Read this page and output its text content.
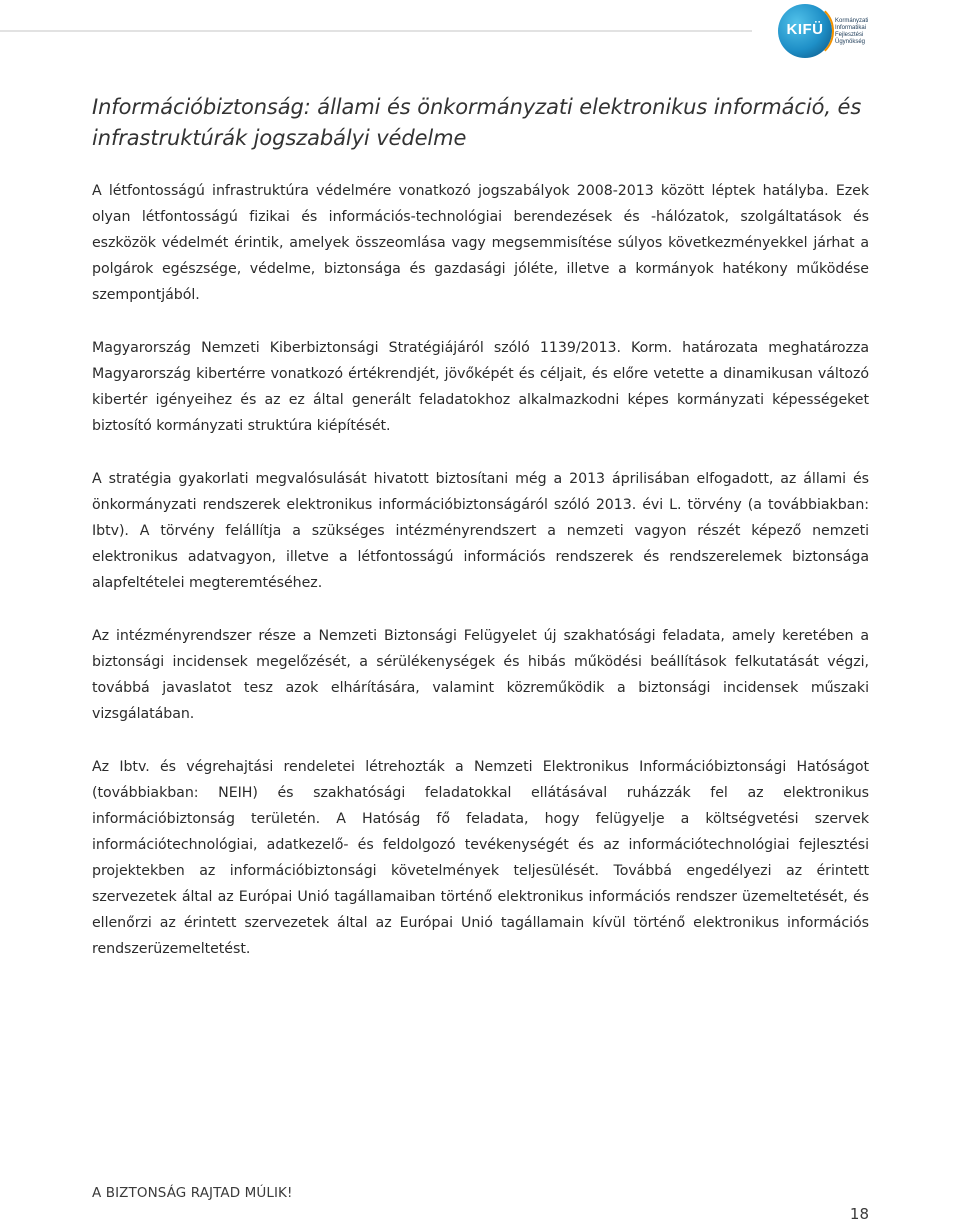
KIFÜ	Kormányzati
Informatikai
Fejlesztési
Ügynökség
Információbiztonság: állami és önkormányzati elektronikus információ, és infrastruktúrák jogszabályi védelme

A létfontosságú infrastruktúra védelmére vonatkozó jogszabályok 2008-2013 között léptek hatályba. Ezek olyan létfontosságú fizikai és információs-technológiai berendezések és -hálózatok, szolgáltatások és eszközök védelmét érintik, amelyek összeomlása vagy megsemmisítése súlyos következményekkel járhat a polgárok egészsége, védelme, biztonsága és gazdasági jóléte, illetve a kormányok hatékony működése szempontjából.

Magyarország Nemzeti Kiberbiztonsági Stratégiájáról szóló 1139/2013. Korm. határozata meghatározza Magyarország kibertérre vonatkozó értékrendjét, jövőképét és céljait, és előre vetette a dinamikusan változó kibertér igényeihez és az ez által generált feladatokhoz alkalmazkodni képes kormányzati képességeket biztosító kormányzati struktúra kiépítését.

A stratégia gyakorlati megvalósulását hivatott biztosítani még a 2013 áprilisában elfogadott, az állami és önkormányzati rendszerek elektronikus információbiztonságáról szóló 2013. évi L. törvény (a továbbiakban: Ibtv). A törvény felállítja a szükséges intézményrendszert a nemzeti vagyon részét képező nemzeti elektronikus adatvagyon, illetve a létfontosságú információs rendszerek és rendszerelemek biztonsága alapfeltételei megteremtéséhez.

Az intézményrendszer része a Nemzeti Biztonsági Felügyelet új szakhatósági feladata, amely keretében a biztonsági incidensek megelőzését, a sérülékenységek és hibás működési beállítások felkutatását végzi, továbbá javaslatot tesz azok elhárítására, valamint közreműködik a biztonsági incidensek műszaki vizsgálatában.

Az Ibtv. és végrehajtási rendeletei létrehozták a Nemzeti Elektronikus Információbiztonsági Hatóságot (továbbiakban: NEIH) és szakhatósági feladatokkal ellátásával ruházzák fel az elektronikus információbiztonság területén. A Hatóság fő feladata, hogy felügyelje a költségvetési szervek információtechnológiai, adatkezelő- és feldolgozó tevékenységét és az információtechnológiai fejlesztési projektekben az információbiztonsági követelmények teljesülését. Továbbá engedélyezi az érintett szervezetek által az Európai Unió tagállamaiban történő elektronikus információs rendszer üzemeltetését, és ellenőrzi az érintett szervezetek által az Európai Unió tagállamain kívül történő elektronikus információs rendszerüzemeltetést.

A BIZTONSÁG RAJTAD MÚLIK!
18
